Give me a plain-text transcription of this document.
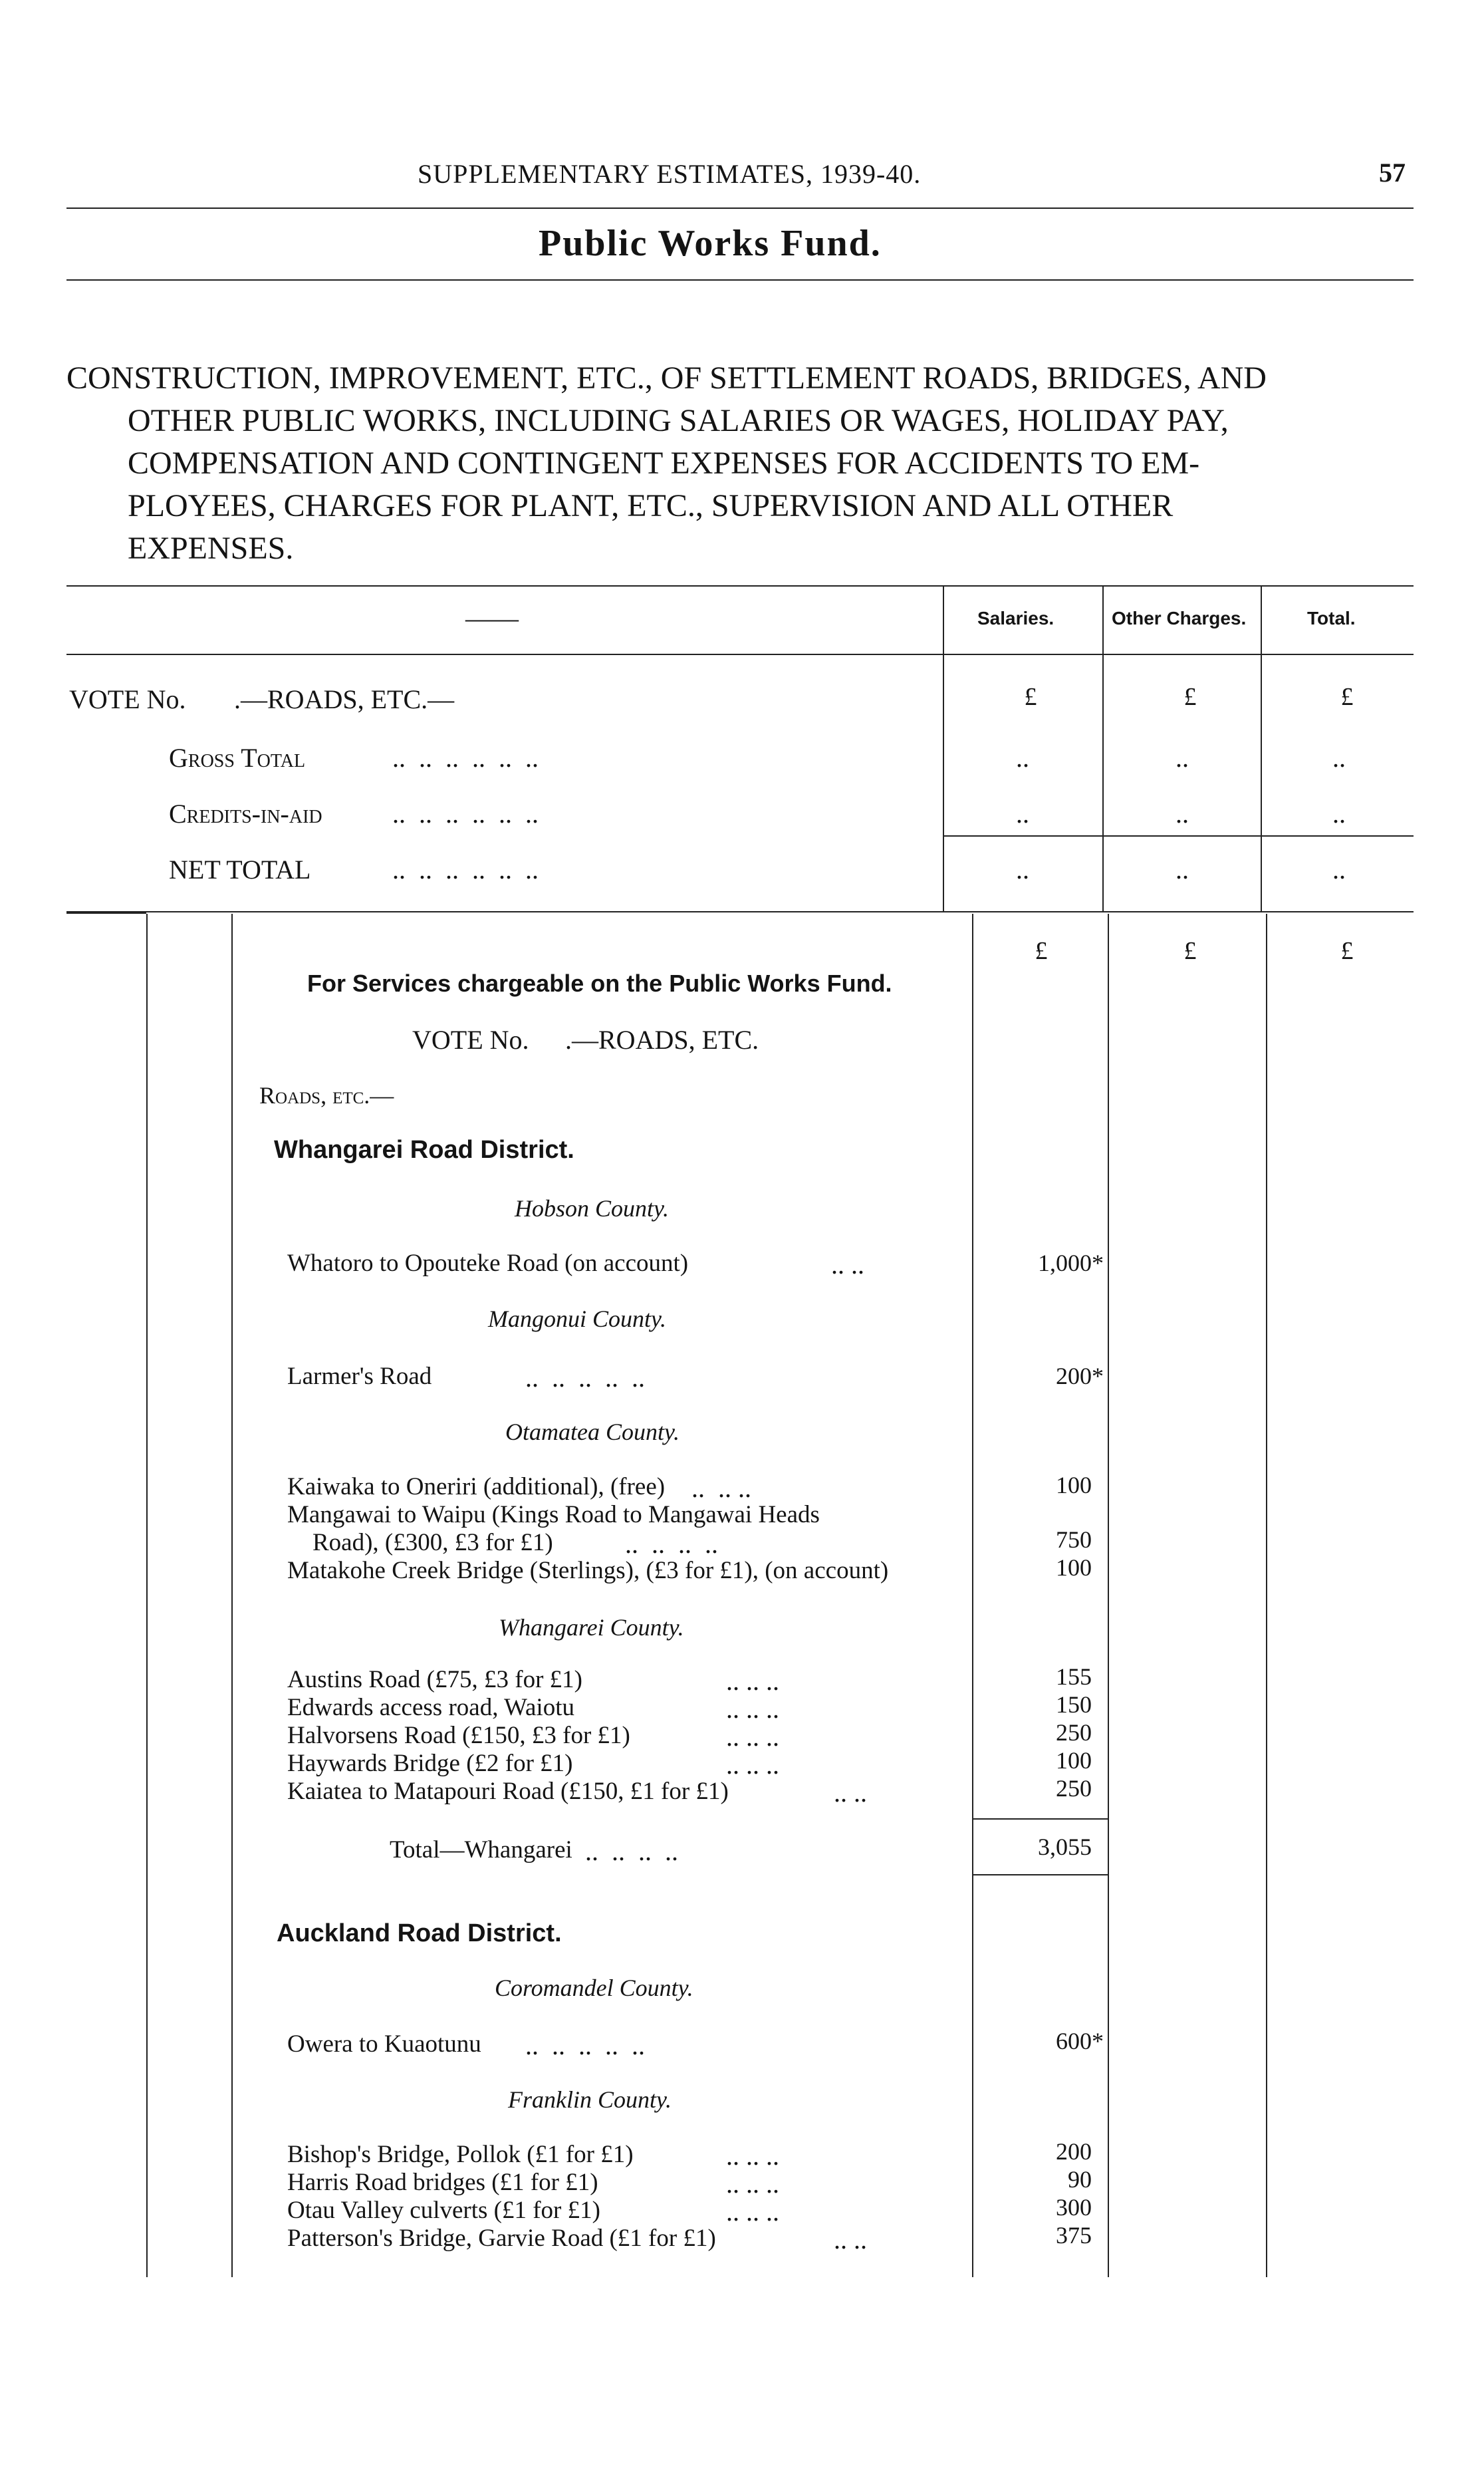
SUPPLEMENTARY ESTIMATES, 1939-40.	57
Public Works Fund.
CONSTRUCTION, IMPROVEMENT, ETC., OF SETTLEMENT ROADS, BRIDGES, AND
OTHER PUBLIC WORKS, INCLUDING SALARIES OR WAGES, HOLIDAY PAY,
COMPENSATION AND CONTINGENT EXPENSES FOR ACCIDENTS TO EM-
PLOYEES, CHARGES FOR PLANT, ETC., SUPERVISION AND ALL OTHER
EXPENSES.
——	Salaries.	Other Charges.	Total.
VOTE No. .—ROADS, ETC.—	£	£	£
Gross Total	..  ..  ..  ..  ..  ..	..	..	..
Credits-in-aid	..  ..  ..  ..  ..  ..	..	..	..
NET TOTAL	..  ..  ..  ..  ..  ..	..	..	..
£	£	£
For Services chargeable on the Public Works Fund.
VOTE No. .—ROADS, ETC.
Roads, etc.—
Whangarei Road District.
Hobson County.
Whatoro to Opouteke Road (on account)	.. ..	1,000*
Mangonui County.
Larmer's Road	..  ..  ..  ..  ..	200*
Otamatea County.
Kaiwaka to Oneriri (additional), (free) ..  .. ..	100
Mangawai to Waipu (Kings Road to Mangawai Heads
Road), (£300, £3 for £1)	..  ..  ..  ..	750
Matakohe Creek Bridge (Sterlings), (£3 for £1), (on account)	100
Whangarei County.
Austins Road (£75, £3 for £1)	.. .. ..	155
Edwards access road, Waiotu	.. .. ..	150
Halvorsens Road (£150, £3 for £1)	.. .. ..	250
Haywards Bridge (£2 for £1)	.. .. ..	100
Kaiatea to Matapouri Road (£150, £1 for £1)	.. ..	250
Total—Whangarei ..  ..  ..  ..	3,055
Auckland Road District.
Coromandel County.
Owera to Kuaotunu ..  ..  ..  ..  ..	600*
Franklin County.
Bishop's Bridge, Pollok (£1 for £1)	.. .. ..	200
Harris Road bridges (£1 for £1)	.. .. ..	90
Otau Valley culverts (£1 for £1)	.. .. ..	300
Patterson's Bridge, Garvie Road (£1 for £1)	.. ..	375
